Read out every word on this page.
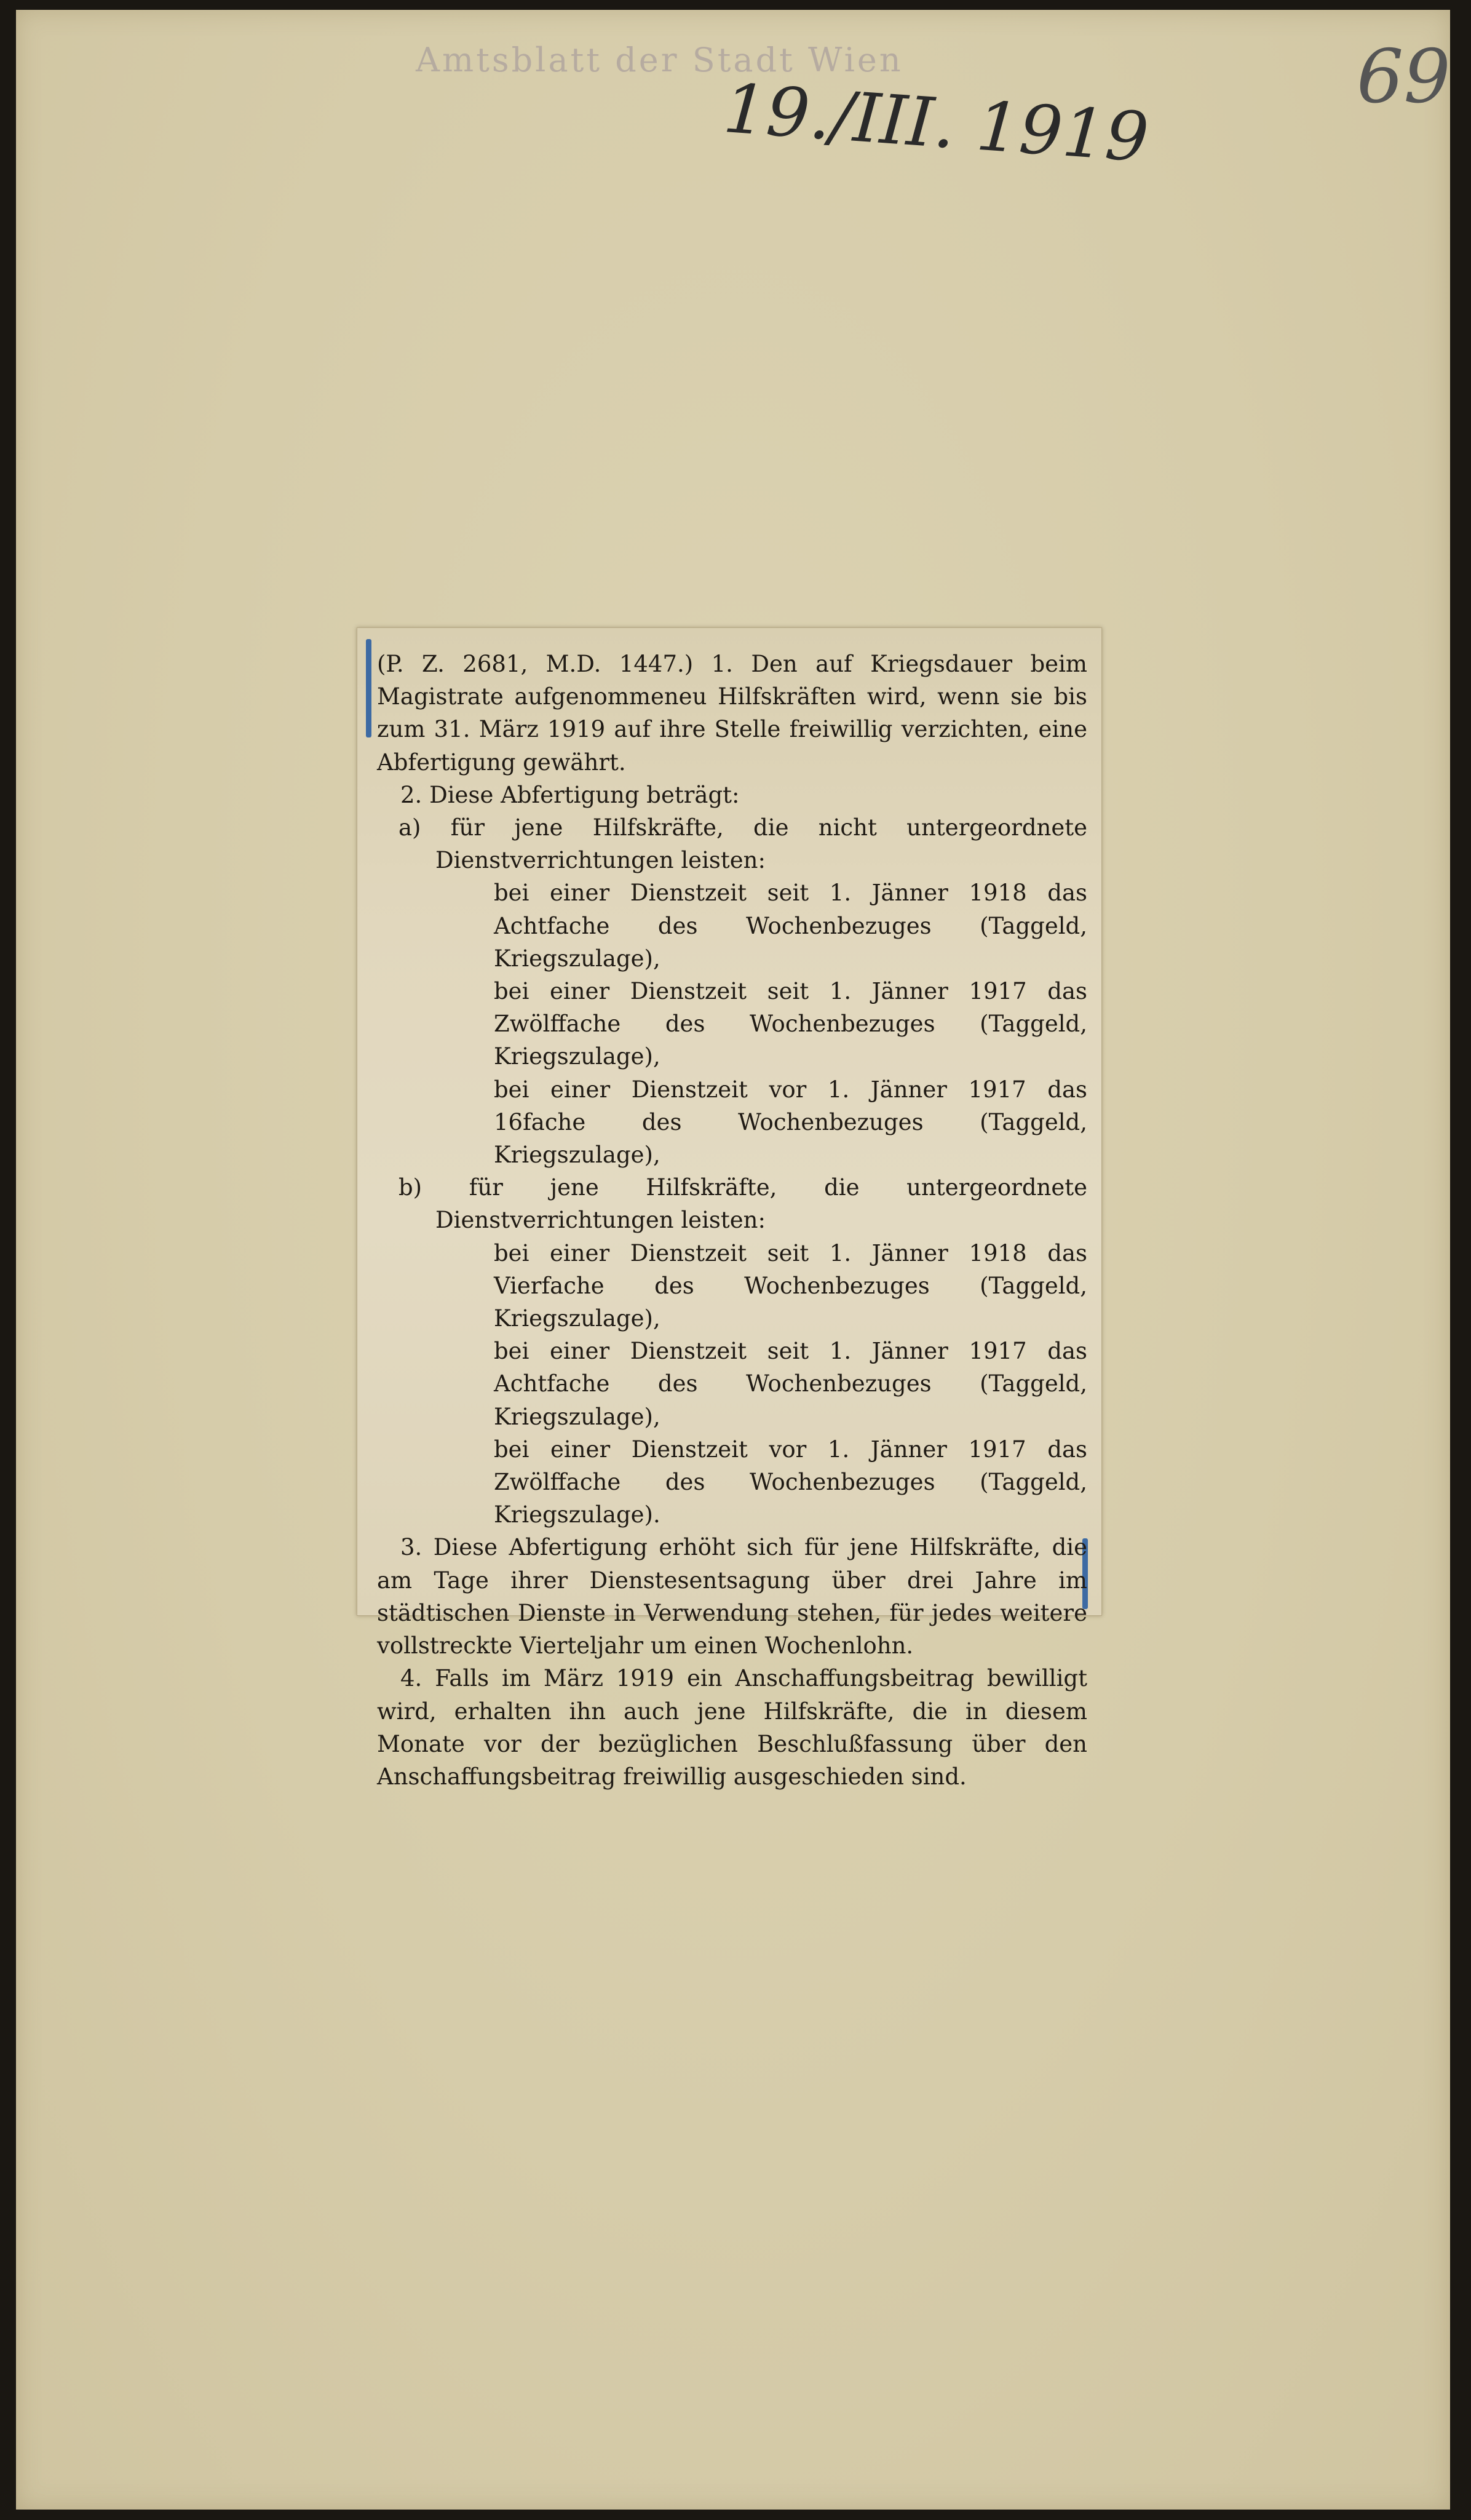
Amtsblatt der Stadt Wien
19./III. 1919	69

(P. Z. 2681, M.D. 1447.) 1. Den auf Kriegsdauer beim Magistrate aufgenommeneu Hilfskräften wird, wenn sie bis zum 31. März 1919 auf ihre Stelle freiwillig verzichten, eine Abfertigung gewährt.

2. Diese Abfertigung beträgt:

a) für jene Hilfskräfte, die nicht untergeordnete Dienstverrichtungen leisten:

bei einer Dienstzeit seit 1. Jänner 1918 das Achtfache des Wochenbezuges (Taggeld, Kriegszulage),

bei einer Dienstzeit seit 1. Jänner 1917 das Zwölffache des Wochenbezuges (Taggeld, Kriegszulage),

bei einer Dienstzeit vor 1. Jänner 1917 das 16fache des Wochenbezuges (Taggeld, Kriegszulage),

b) für jene Hilfskräfte, die untergeordnete Dienstverrichtungen leisten:

bei einer Dienstzeit seit 1. Jänner 1918 das Vierfache des Wochenbezuges (Taggeld, Kriegszulage),

bei einer Dienstzeit seit 1. Jänner 1917 das Achtfache des Wochenbezuges (Taggeld, Kriegszulage),

bei einer Dienstzeit vor 1. Jänner 1917 das Zwölffache des Wochenbezuges (Taggeld, Kriegszulage).

3. Diese Abfertigung erhöht sich für jene Hilfskräfte, die am Tage ihrer Dienstesentsagung über drei Jahre im städtischen Dienste in Verwendung stehen, für jedes weitere vollstreckte Vierteljahr um einen Wochenlohn.

4. Falls im März 1919 ein Anschaffungsbeitrag bewilligt wird, erhalten ihn auch jene Hilfskräfte, die in diesem Monate vor der bezüglichen Beschlußfassung über den Anschaffungsbeitrag freiwillig ausgeschieden sind.
